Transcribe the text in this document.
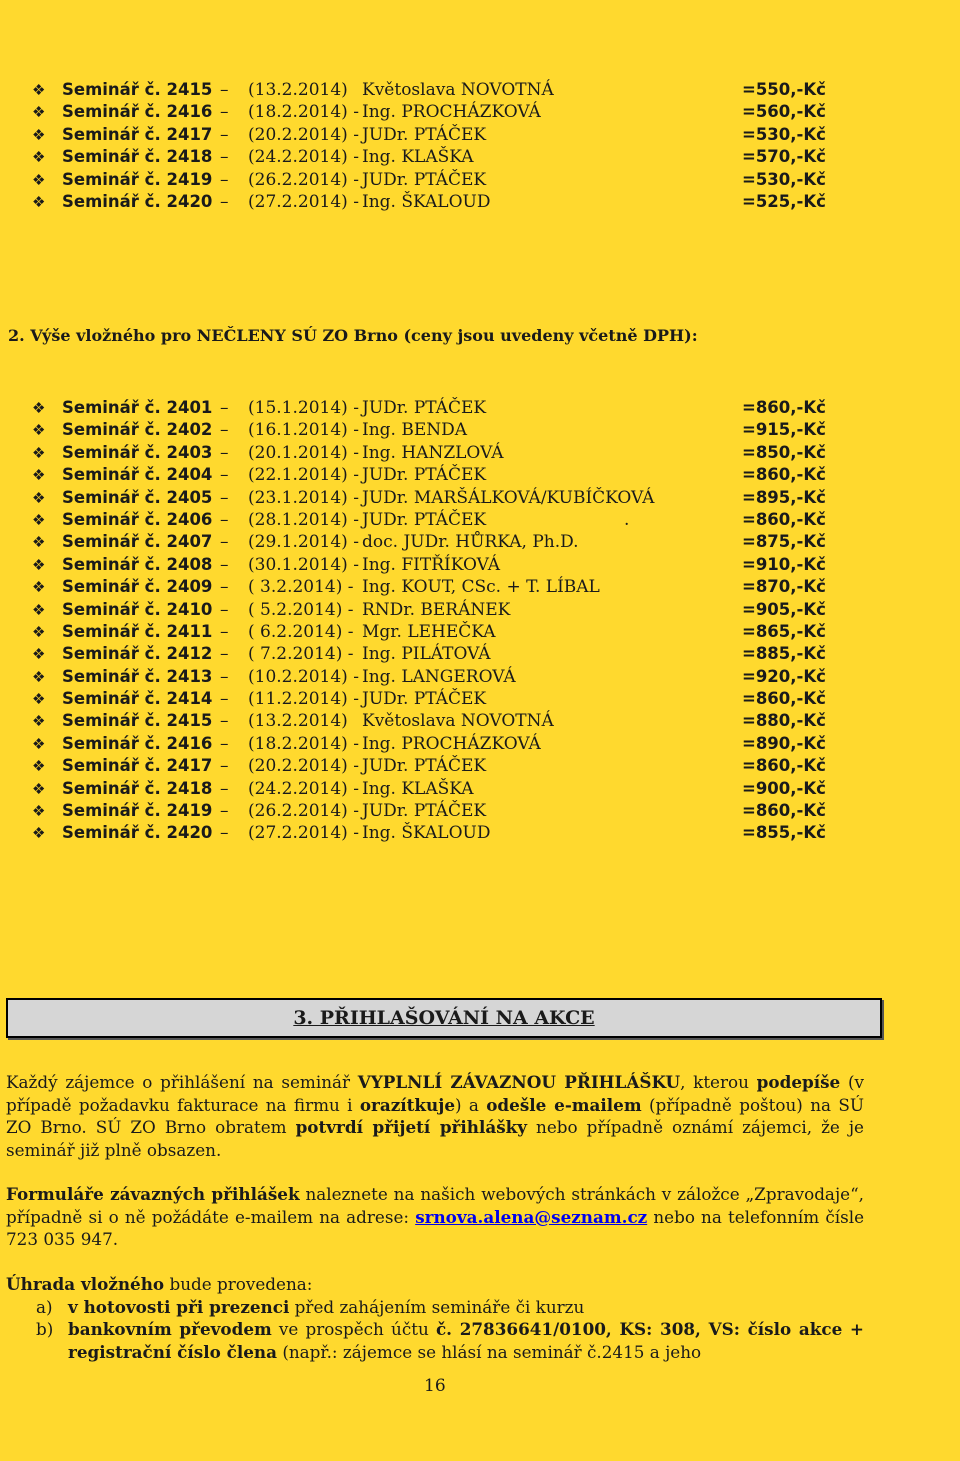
❖ Seminář č. 2415 – (13.2.2014) Květoslava NOVOTNÁ	=550,-Kč
❖ Seminář č. 2416 – (18.2.2014) - Ing. PROCHÁZKOVÁ	=560,-Kč
❖ Seminář č. 2417 – (20.2.2014) - JUDr. PTÁČEK	=530,-Kč
❖ Seminář č. 2418 – (24.2.2014) - Ing. KLAŠKA	=570,-Kč
❖ Seminář č. 2419 – (26.2.2014) - JUDr. PTÁČEK	=530,-Kč
❖ Seminář č. 2420 – (27.2.2014) - Ing. ŠKALOUD	=525,-Kč
2. Výše vložného pro NEČLENY SÚ ZO Brno (ceny jsou uvedeny včetně DPH):
❖ Seminář č. 2401 – (15.1.2014) - JUDr. PTÁČEK	=860,-Kč
❖ Seminář č. 2402 – (16.1.2014) - Ing. BENDA	=915,-Kč
❖ Seminář č. 2403 – (20.1.2014) - Ing. HANZLOVÁ	=850,-Kč
❖ Seminář č. 2404 – (22.1.2014) - JUDr. PTÁČEK	=860,-Kč
❖ Seminář č. 2405 – (23.1.2014) - JUDr. MARŠÁLKOVÁ/KUBÍČKOVÁ	=895,-Kč
❖ Seminář č. 2406 – (28.1.2014) - JUDr. PTÁČEK	.	=860,-Kč
❖ Seminář č. 2407 – (29.1.2014) - doc. JUDr. HŮRKA, Ph.D.	=875,-Kč
❖ Seminář č. 2408 – (30.1.2014) - Ing. FITŘÍKOVÁ	=910,-Kč
❖ Seminář č. 2409 – ( 3.2.2014) - Ing. KOUT, CSc. + T. LÍBAL	=870,-Kč
❖ Seminář č. 2410 – ( 5.2.2014) - RNDr. BERÁNEK	=905,-Kč
❖ Seminář č. 2411 – ( 6.2.2014) - Mgr. LEHEČKA	=865,-Kč
❖ Seminář č. 2412 – ( 7.2.2014) - Ing. PILÁTOVÁ	=885,-Kč
❖ Seminář č. 2413 – (10.2.2014) - Ing. LANGEROVÁ	=920,-Kč
❖ Seminář č. 2414 – (11.2.2014) - JUDr. PTÁČEK	=860,-Kč
❖ Seminář č. 2415 – (13.2.2014) Květoslava NOVOTNÁ	=880,-Kč
❖ Seminář č. 2416 – (18.2.2014) - Ing. PROCHÁZKOVÁ	=890,-Kč
❖ Seminář č. 2417 – (20.2.2014) - JUDr. PTÁČEK	=860,-Kč
❖ Seminář č. 2418 – (24.2.2014) - Ing. KLAŠKA	=900,-Kč
❖ Seminář č. 2419 – (26.2.2014) - JUDr. PTÁČEK	=860,-Kč
❖ Seminář č. 2420 – (27.2.2014) - Ing. ŠKALOUD	=855,-Kč
3. PŘIHLAŠOVÁNÍ NA AKCE
Každý zájemce o přihlášení na seminář VYPLNLÍ ZÁVAZNOU PŘIHLÁŠKU, kterou podepíše (v případě požadavku fakturace na firmu i orazítkuje) a odešle e-mailem (případně poštou) na SÚ ZO Brno. SÚ ZO Brno obratem potvrdí přijetí přihlášky nebo případně oznámí zájemci, že je seminář již plně obsazen.
Formuláře závazných přihlášek naleznete na našich webových stránkách v záložce „Zpravodaje“, případně si o ně požádáte e-mailem na adrese: srnova.alena@seznam.cz nebo na telefonním čísle 723 035 947.
Úhrada vložného bude provedena:
a) v hotovosti při prezenci před zahájením semináře či kurzu
b) bankovním převodem ve prospěch účtu č. 27836641/0100, KS: 308, VS: číslo akce + registrační číslo člena (např.: zájemce se hlásí na seminář č.2415 a jeho
16
